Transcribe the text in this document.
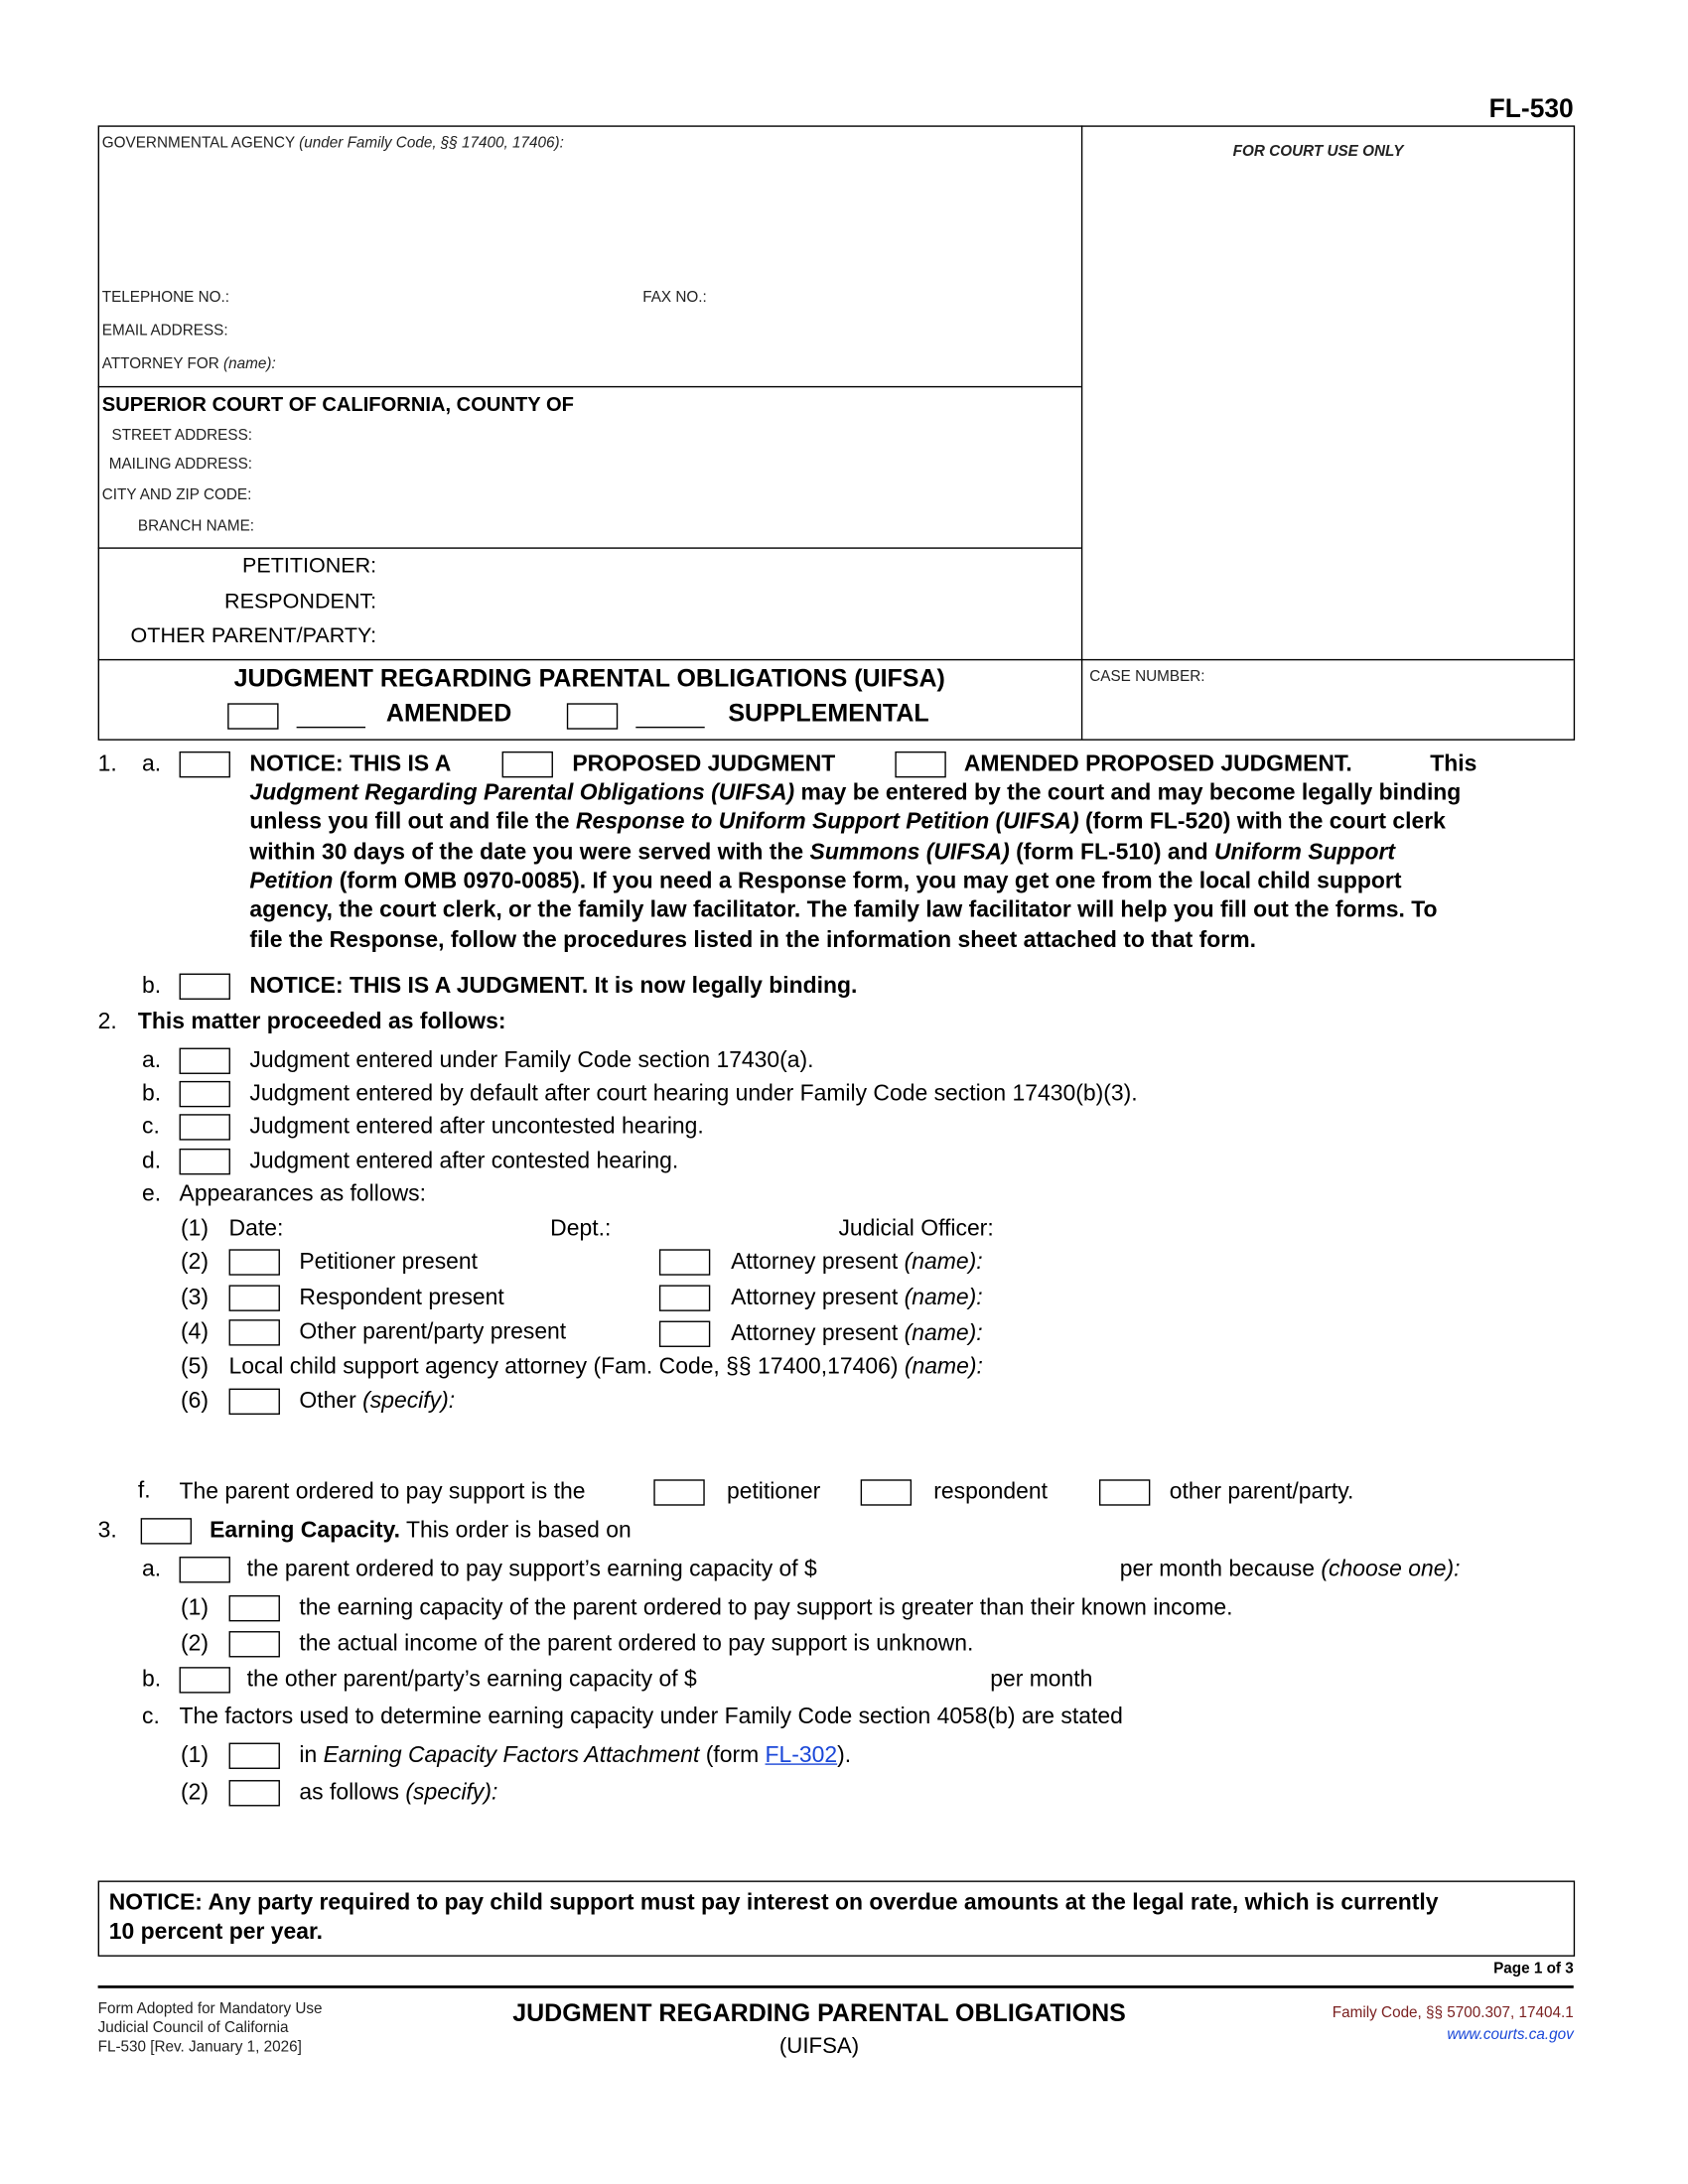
FL-530
GOVERNMENTAL AGENCY (under Family Code, §§ 17400, 17406):
TELEPHONE NO.:	FAX NO.:
EMAIL ADDRESS:
ATTORNEY FOR (name):
FOR COURT USE ONLY
SUPERIOR COURT OF CALIFORNIA, COUNTY OF
STREET ADDRESS:
MAILING ADDRESS:
CITY AND ZIP CODE:
BRANCH NAME:
PETITIONER:
RESPONDENT:
OTHER PARENT/PARTY:
JUDGMENT REGARDING PARENTAL OBLIGATIONS (UIFSA)
AMENDED	SUPPLEMENTAL
CASE NUMBER:
1. a.	NOTICE: THIS IS A	PROPOSED JUDGMENT	AMENDED PROPOSED JUDGMENT.	This
Judgment Regarding Parental Obligations (UIFSA) may be entered by the court and may become legally binding
unless you fill out and file the Response to Uniform Support Petition (UIFSA) (form FL-520) with the court clerk
within 30 days of the date you were served with the Summons (UIFSA) (form FL-510) and Uniform Support
Petition (form OMB 0970-0085). If you need a Response form, you may get one from the local child support
agency, the court clerk, or the family law facilitator. The family law facilitator will help you fill out the forms. To
file the Response, follow the procedures listed in the information sheet attached to that form.
b.	NOTICE: THIS IS A JUDGMENT. It is now legally binding.
2. This matter proceeded as follows:
a.	Judgment entered under Family Code section 17430(a).
b.	Judgment entered by default after court hearing under Family Code section 17430(b)(3).
c.	Judgment entered after uncontested hearing.
d.	Judgment entered after contested hearing.
e. Appearances as follows:
(1) Date:	Dept.:	Judicial Officer:
(2)	Petitioner present	Attorney present (name):
(3)	Respondent present	Attorney present (name):
(4)	Other parent/party present	Attorney present (name):
(5) Local child support agency attorney (Fam. Code, §§ 17400,17406) (name):
(6)	Other (specify):
f. The parent ordered to pay support is the	petitioner	respondent	other parent/party.
3.	Earning Capacity. This order is based on
a.	the parent ordered to pay support’s earning capacity of $	per month because (choose one):
(1)	the earning capacity of the parent ordered to pay support is greater than their known income.
(2)	the actual income of the parent ordered to pay support is unknown.
b.	the other parent/party’s earning capacity of $	per month
c. The factors used to determine earning capacity under Family Code section 4058(b) are stated
(1)	in Earning Capacity Factors Attachment (form FL-302).
(2)	as follows (specify):
NOTICE: Any party required to pay child support must pay interest on overdue amounts at the legal rate, which is currently
10 percent per year.
Page 1 of 3
Form Adopted for Mandatory Use
Judicial Council of California
FL-530 [Rev. January 1, 2026]
JUDGMENT REGARDING PARENTAL OBLIGATIONS
(UIFSA)
Family Code, §§ 5700.307, 17404.1
www.courts.ca.gov
